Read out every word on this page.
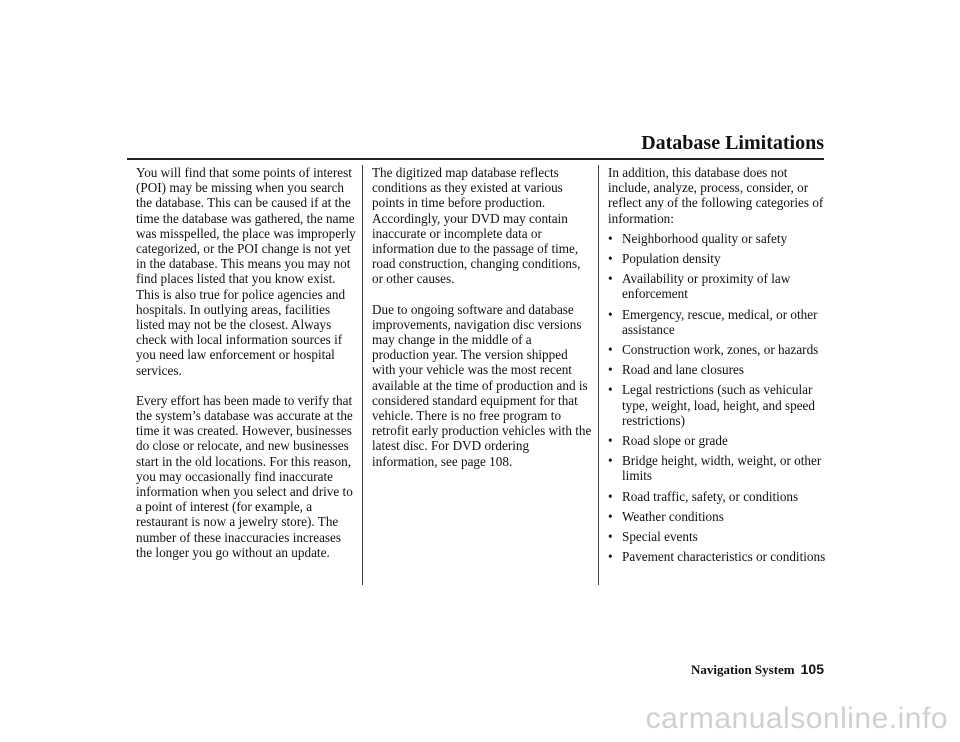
Database Limitations

You will find that some points of interest (POI) may be missing when you search the database. This can be caused if at the time the database was gathered, the name was misspelled, the place was improperly categorized, or the POI change is not yet in the database. This means you may not find places listed that you know exist. This is also true for police agencies and hospitals. In outlying areas, facilities listed may not be the closest. Always check with local information sources if you need law enforcement or hospital services.

Every effort has been made to verify that the system’s database was accurate at the time it was created. However, businesses do close or relocate, and new businesses start in the old locations. For this reason, you may occasionally find inaccurate information when you select and drive to a point of interest (for example, a restaurant is now a jewelry store). The number of these inaccuracies increases the longer you go without an update.

The digitized map database reflects conditions as they existed at various points in time before production. Accordingly, your DVD may contain inaccurate or incomplete data or information due to the passage of time, road construction, changing conditions, or other causes.

Due to ongoing software and database improvements, navigation disc versions may change in the middle of a production year. The version shipped with your vehicle was the most recent available at the time of production and is considered standard equipment for that vehicle. There is no free program to retrofit early production vehicles with the latest disc. For DVD ordering information, see page 108.

In addition, this database does not include, analyze, process, consider, or reflect any of the following categories of information:

• Neighborhood quality or safety
• Population density
• Availability or proximity of law enforcement
• Emergency, rescue, medical, or other assistance
• Construction work, zones, or hazards
• Road and lane closures
• Legal restrictions (such as vehicular type, weight, load, height, and speed restrictions)
• Road slope or grade
• Bridge height, width, weight, or other limits
• Road traffic, safety, or conditions
• Weather conditions
• Special events
• Pavement characteristics or conditions
Navigation System 105
carmanualsonline.info
